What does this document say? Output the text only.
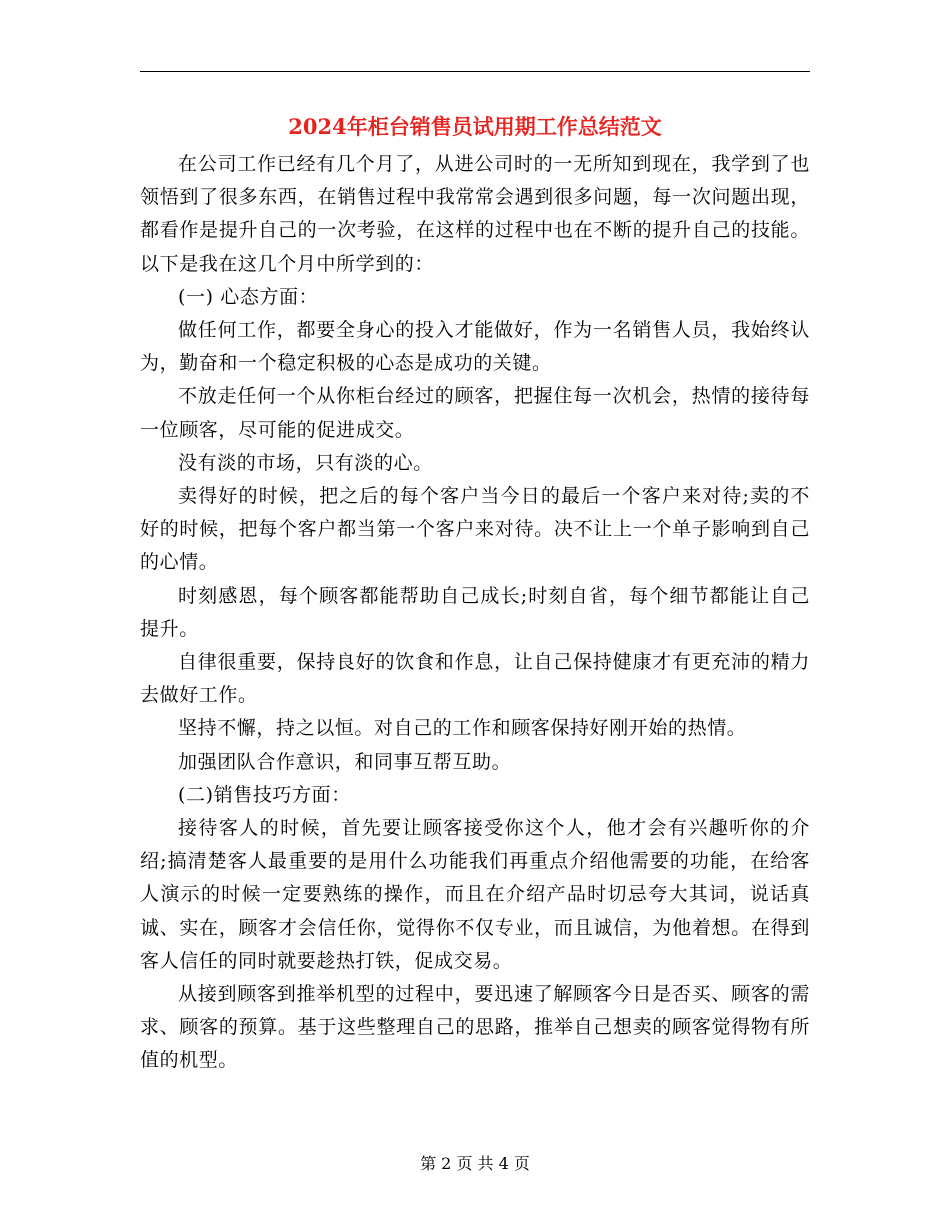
2024年柜台销售员试用期工作总结范文

在公司工作已经有几个月了，从进公司时的一无所知到现在，我学到了也领悟到了很多东西，在销售过程中我常常会遇到很多问题，每一次问题出现，都看作是提升自己的一次考验，在这样的过程中也在不断的提升自己的技能。以下是我在这几个月中所学到的：

(一) 心态方面：

做任何工作，都要全身心的投入才能做好，作为一名销售人员，我始终认为，勤奋和一个稳定积极的心态是成功的关键。

不放走任何一个从你柜台经过的顾客，把握住每一次机会，热情的接待每一位顾客，尽可能的促进成交。

没有淡的市场，只有淡的心。

卖得好的时候，把之后的每个客户当今日的最后一个客户来对待;卖的不好的时候，把每个客户都当第一个客户来对待。决不让上一个单子影响到自己的心情。

时刻感恩，每个顾客都能帮助自己成长;时刻自省，每个细节都能让自己提升。

自律很重要，保持良好的饮食和作息，让自己保持健康才有更充沛的精力去做好工作。

坚持不懈，持之以恒。对自己的工作和顾客保持好刚开始的热情。

加强团队合作意识，和同事互帮互助。

(二)销售技巧方面：

接待客人的时候，首先要让顾客接受你这个人，他才会有兴趣听你的介绍;搞清楚客人最重要的是用什么功能我们再重点介绍他需要的功能，在给客人演示的时候一定要熟练的操作，而且在介绍产品时切忌夸大其词，说话真诚、实在，顾客才会信任你，觉得你不仅专业，而且诚信，为他着想。在得到客人信任的同时就要趁热打铁，促成交易。

从接到顾客到推举机型的过程中，要迅速了解顾客今日是否买、顾客的需求、顾客的预算。基于这些整理自己的思路，推举自己想卖的顾客觉得物有所值的机型。

第 2 页 共 4 页
